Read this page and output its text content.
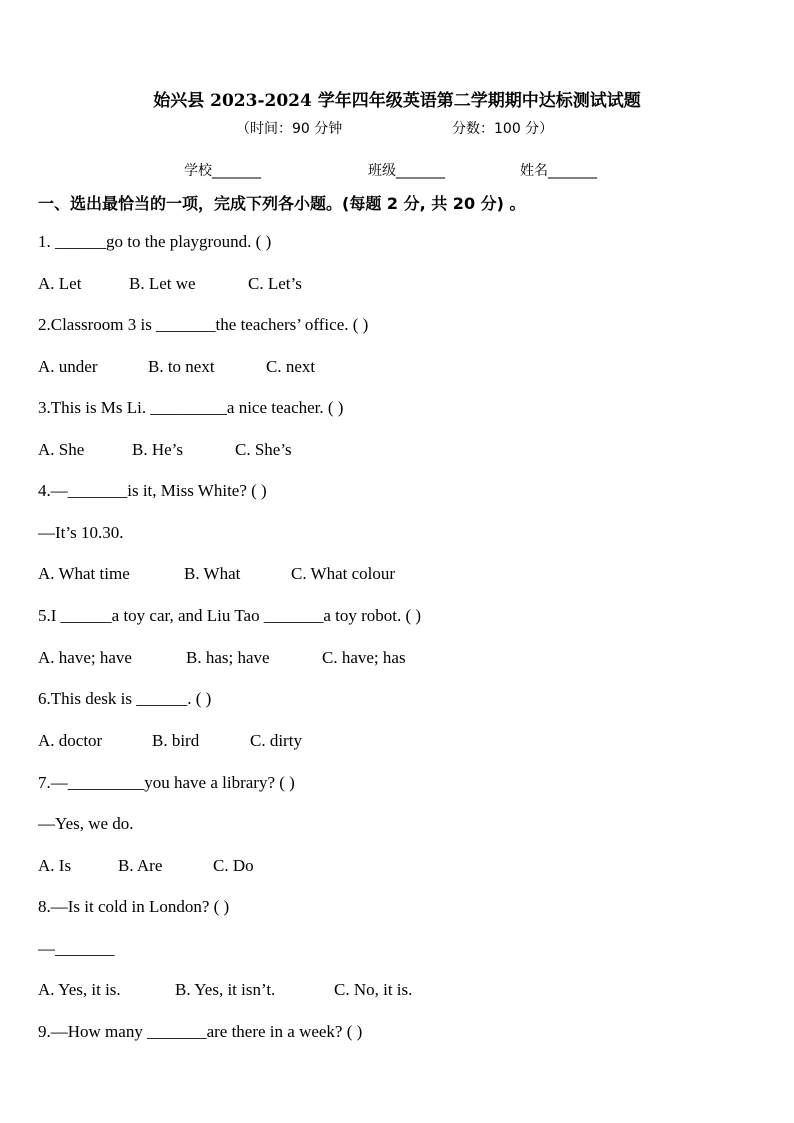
始兴县 2023-2024 学年四年级英语第二学期期中达标测试试题
（时间：90 分钟	分数：100 分）
学校_______	班级_______	姓名_______
一、选出最恰当的一项，完成下列各小题。(每题 2 分, 共 20 分) 。
1. ______go to the playground. ( )
A. Let	B. Let we	C. Let’s
2.Classroom 3 is _______the teachers’ office. ( )
A. under	B. to next	C. next
3.This is Ms Li. _________a nice teacher. ( )
A. She	B. He’s	C. She’s
4.—_______is it, Miss White? ( )
—It’s 10.30.
A. What time	B. What	C. What colour
5.I ______a toy car, and Liu Tao _______a toy robot. ( )
A. have; have	B. has; have	C. have; has
6.This desk is ______. ( )
A. doctor	B. bird	C. dirty
7.—_________you have a library? ( )
—Yes, we do.
A. Is	B. Are	C. Do
8.—Is it cold in London? ( )
—_______
A. Yes, it is.	B. Yes, it isn’t.	C. No, it is.
9.—How many _______are there in a week? ( )
